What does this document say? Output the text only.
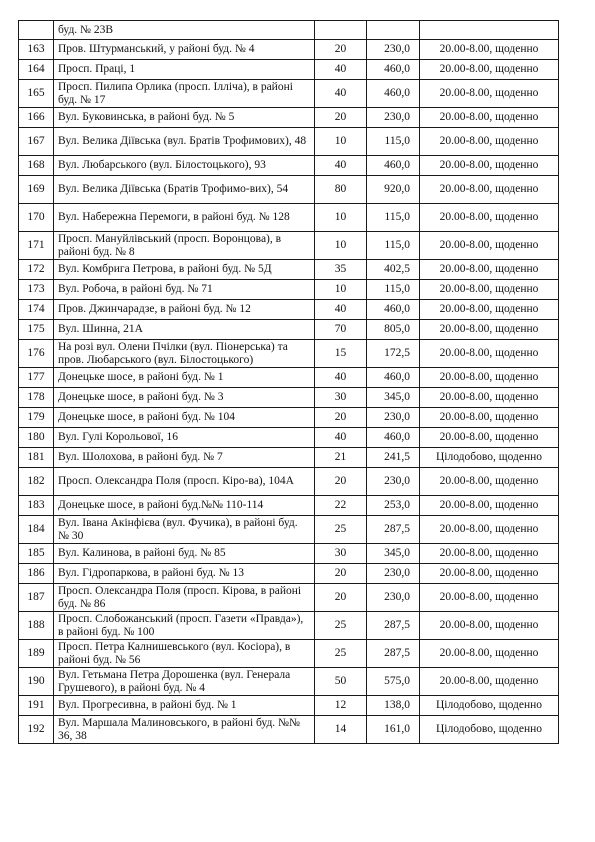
	буд. № 23В			
163	Пров. Штурманський, у районі буд. № 4	20	230,0	20.00-8.00, щоденно
164	Просп. Праці, 1	40	460,0	20.00-8.00, щоденно
165	Просп. Пилипа Орлика (просп. Ілліча), в районі буд. № 17	40	460,0	20.00-8.00, щоденно
166	Вул. Буковинська, в районі буд. № 5	20	230,0	20.00-8.00, щоденно
167	Вул. Велика Діївська (вул. Братів Трофимових), 48	10	115,0	20.00-8.00, щоденно
168	Вул. Любарського (вул. Білостоцького), 93	40	460,0	20.00-8.00, щоденно
169	Вул. Велика Діївська (Братів Трофимо-вих), 54	80	920,0	20.00-8.00, щоденно
170	Вул. Набережна Перемоги, в районі буд. № 128	10	115,0	20.00-8.00, щоденно
171	Просп. Мануйлівський (просп. Воронцова), в районі буд. № 8	10	115,0	20.00-8.00, щоденно
172	Вул. Комбрига Петрова, в районі буд. № 5Д	35	402,5	20.00-8.00, щоденно
173	Вул. Робоча, в районі буд. № 71	10	115,0	20.00-8.00, щоденно
174	Пров. Джинчарадзе, в районі буд. № 12	40	460,0	20.00-8.00, щоденно
175	Вул. Шинна, 21А	70	805,0	20.00-8.00, щоденно
176	На розі вул. Олени Пчілки (вул. Піонерська) та пров. Любарського (вул. Білостоцького)	15	172,5	20.00-8.00, щоденно
177	Донецьке шосе, в районі буд. № 1	40	460,0	20.00-8.00, щоденно
178	Донецьке шосе, в районі буд. № 3	30	345,0	20.00-8.00, щоденно
179	Донецьке шосе, в районі буд. № 104	20	230,0	20.00-8.00, щоденно
180	Вул. Гулі Корольової, 16	40	460,0	20.00-8.00, щоденно
181	Вул. Шолохова, в районі буд. № 7	21	241,5	Цілодобово, щоденно
182	Просп. Олександра Поля (просп. Кіро-ва), 104А	20	230,0	20.00-8.00, щоденно
183	Донецьке шосе, в районі буд.№№ 110-114	22	253,0	20.00-8.00, щоденно
184	Вул. Івана Акінфієва (вул. Фучика), в районі буд. № 30	25	287,5	20.00-8.00, щоденно
185	Вул. Калинова, в районі буд. № 85	30	345,0	20.00-8.00, щоденно
186	Вул. Гідропаркова, в районі буд. № 13	20	230,0	20.00-8.00, щоденно
187	Просп. Олександра Поля (просп. Кірова, в районі буд. № 86	20	230,0	20.00-8.00, щоденно
188	Просп. Слобожанський (просп. Газети «Правда»), в районі буд. № 100	25	287,5	20.00-8.00, щоденно
189	Просп. Петра Калнишевського (вул. Косіора), в районі буд. № 56	25	287,5	20.00-8.00, щоденно
190	Вул. Гетьмана Петра Дорошенка (вул. Генерала Грушевого), в районі буд. № 4	50	575,0	20.00-8.00, щоденно
191	Вул. Прогресивна, в районі буд. № 1	12	138,0	Цілодобово, щоденно
192	Вул. Маршала Малиновського, в районі буд. №№ 36, 38	14	161,0	Цілодобово, щоденно
